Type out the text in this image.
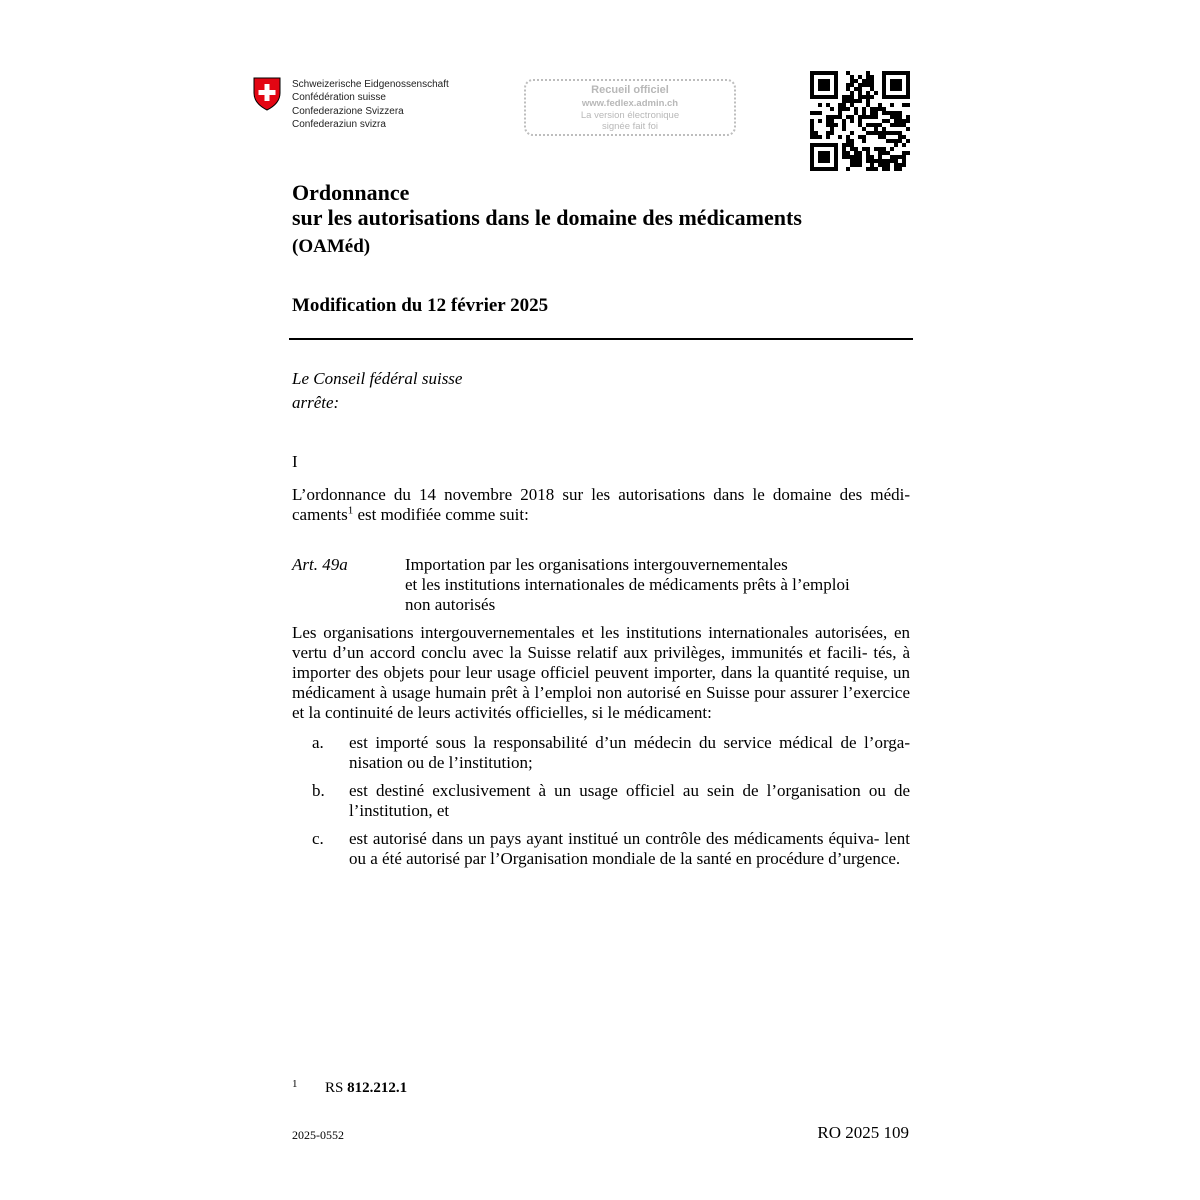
Schweizerische Eidgenossenschaft
Confédération suisse
Confederazione Svizzera
Confederaziun svizra
Recueil officiel
www.fedlex.admin.ch
La version électronique
signée fait foi
Ordonnance
sur les autorisations dans le domaine des médicaments
(OAMéd)
Modification du 12 février 2025
Le Conseil fédéral suisse
arrête:
I
L’ordonnance du 14 novembre 2018 sur les autorisations dans le domaine des médi- caments$^1$ est modifiée comme suit:
Art. 49a	Importation par les organisations intergouvernementales
et les institutions internationales de médicaments prêts à l’emploi
non autorisés
Les organisations intergouvernementales et les institutions internationales autorisées, en vertu d’un accord conclu avec la Suisse relatif aux privilèges, immunités et facili- tés, à importer des objets pour leur usage officiel peuvent importer, dans la quantité requise, un médicament à usage humain prêt à l’emploi non autorisé en Suisse pour assurer l’exercice et la continuité de leurs activités officielles, si le médicament:
a. est importé sous la responsabilité d’un médecin du service médical de l’orga- nisation ou de l’institution;
b. est destiné exclusivement à un usage officiel au sein de l’organisation ou de l’institution, et
c. est autorisé dans un pays ayant institué un contrôle des médicaments équiva- lent ou a été autorisé par l’Organisation mondiale de la santé en procédure d’urgence.
1 RS 812.212.1
2025-0552	RO 2025 109
